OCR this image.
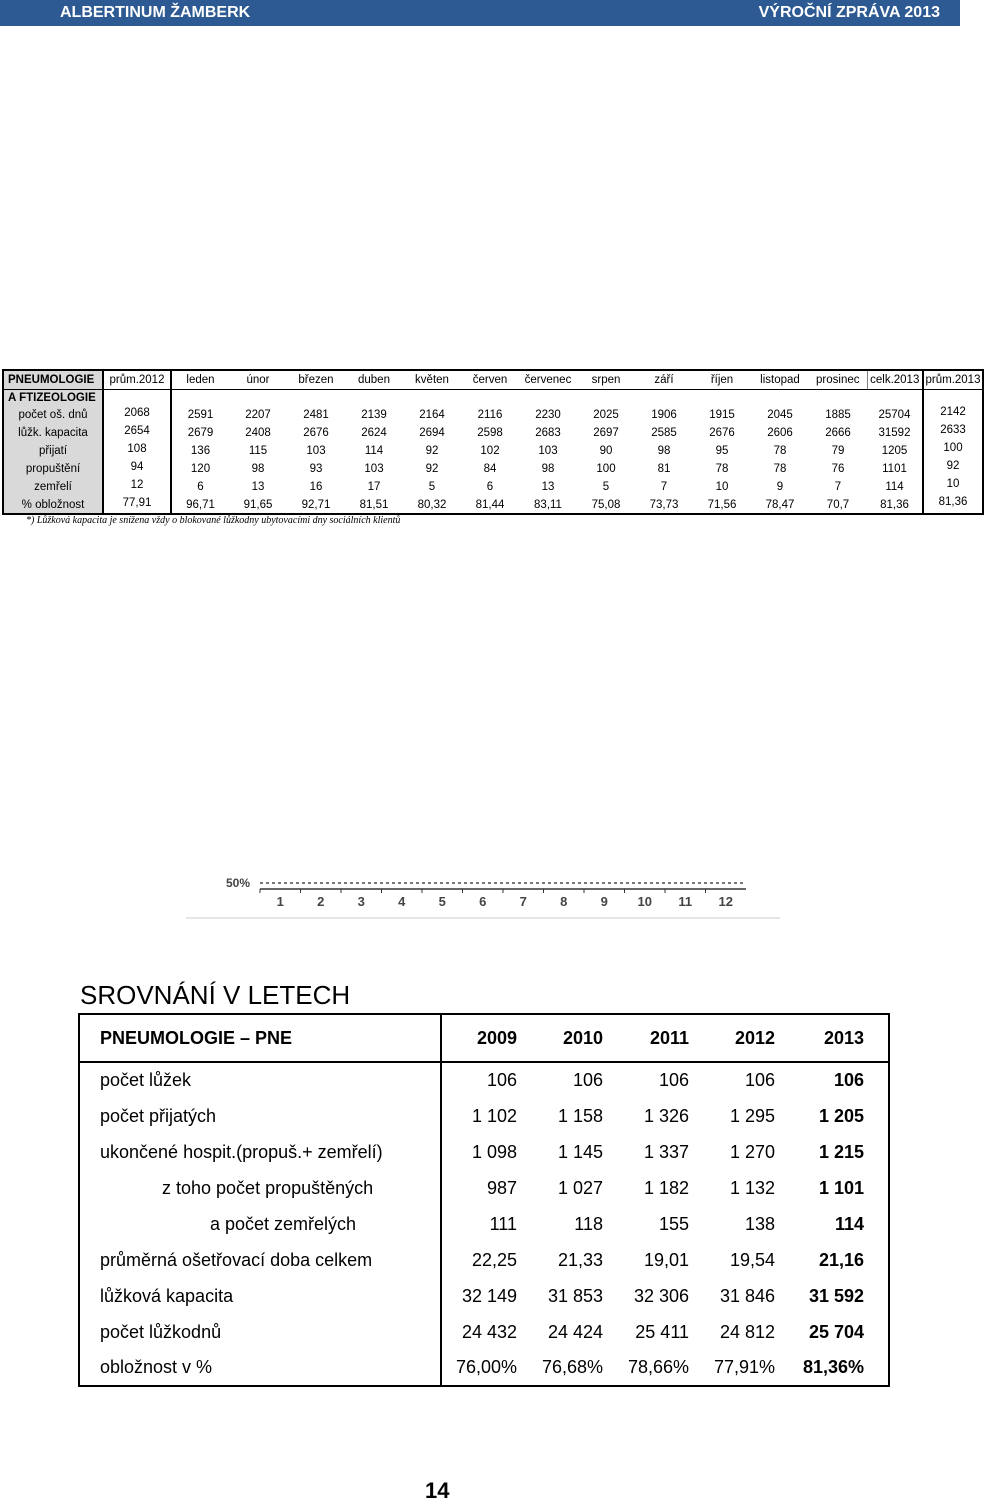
ALBERTINUM ŽAMBERK	VÝROČNÍ ZPRÁVA 2013
PNEUMOLOGIE	prům.2012	leden	únor	březen	duben	květen	červen	červenec	srpen	září	říjen	listopad	prosinec	celk.2013	prům.2013
A FTIZEOLOGIE															
počet oš. dnů	2068	2591	2207	2481	2139	2164	2116	2230	2025	1906	1915	2045	1885	25704	2142
lůžk. kapacita	2654	2679	2408	2676	2624	2694	2598	2683	2697	2585	2676	2606	2666	31592	2633
přijatí	108	136	115	103	114	92	102	103	90	98	95	78	79	1205	100
propuštění	94	120	98	93	103	92	84	98	100	81	78	78	76	1101	92
zemřelí	12	6	13	16	17	5	6	13	5	7	10	9	7	114	10
% obložnost	77,91	96,71	91,65	92,71	81,51	80,32	81,44	83,11	75,08	73,73	71,56	78,47	70,7	81,36	81,36
*) Lůžková kapacita je snížena vždy o blokované lůžkodny ubytovacími dny sociálních klientů
50%
1	2	3	4	5	6	7	8	9 10 11 12
SROVNÁNÍ V LETECH
PNEUMOLOGIE – PNE	2009	2010	2011	2012	2013
počet lůžek	106	106	106	106	106
počet přijatých	1 102	1 158	1 326	1 295	1 205
ukončené hospit.(propuš.+ zemřelí)	1 098	1 145	1 337	1 270	1 215
z toho počet propuštěných	987	1 027	1 182	1 132	1 101
a počet zemřelých	111	118	155	138	114
průměrná ošetřovací doba celkem	22,25	21,33	19,01	19,54	21,16
lůžková kapacita	32 149	31 853	32 306	31 846	31 592
počet lůžkodnů	24 432	24 424	25 411	24 812	25 704
obložnost v %	76,00%	76,68%	78,66%	77,91%	81,36%
14
